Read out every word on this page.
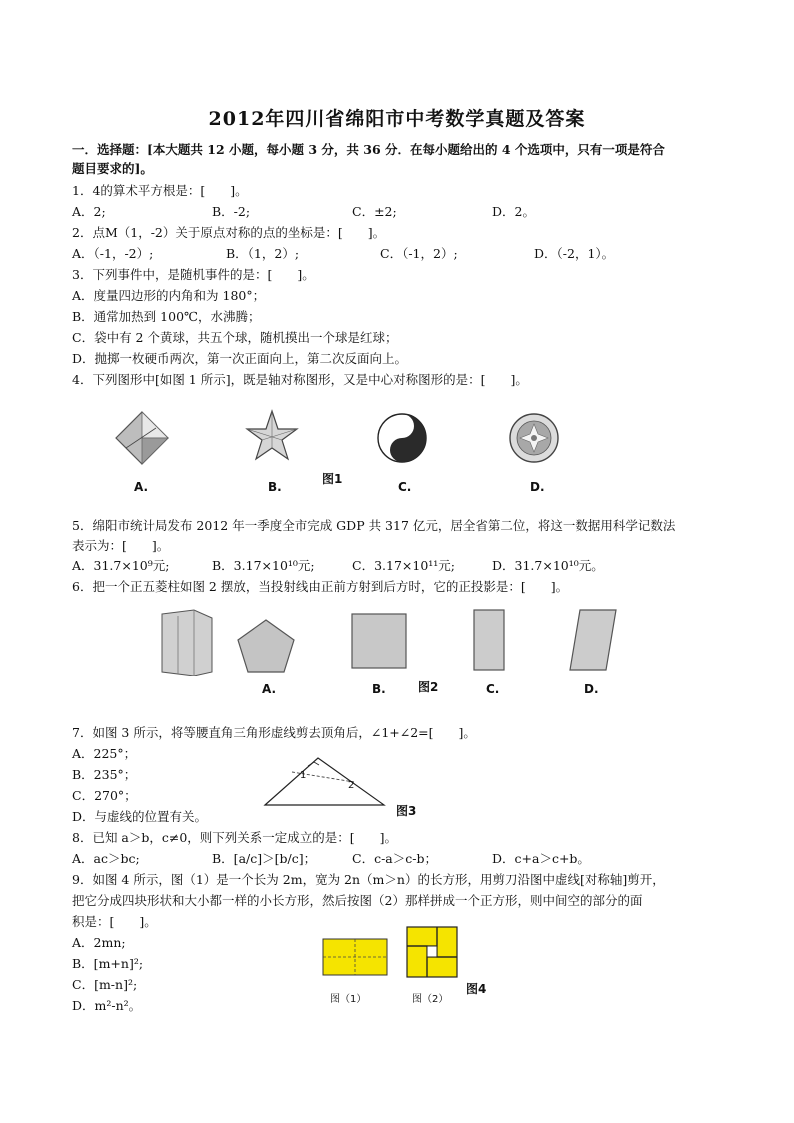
2012年四川省绵阳市中考数学真题及答案
一．选择题：[本大题共 12 小题，每小题 3 分，共 36 分．在每小题给出的 4 个选项中，只有一项是符合
题目要求的]。
1．4的算术平方根是：[　　]。
A．2;	B．-2;	C．±2;	D．2。
2．点M（1，-2）关于原点对称的点的坐标是：[　　]。
A．（-1，-2）;	B．（1，2）;	C．（-1，2）;	D．（-2，1）。
3．下列事件中，是随机事件的是：[　　]。
A．度量四边形的内角和为 180°；
B．通常加热到 100℃，水沸腾；
C．袋中有 2 个黄球，共五个球，随机摸出一个球是红球；
D．抛掷一枚硬币两次，第一次正面向上，第二次反面向上。
4．下列图形中[如图 1 所示]，既是轴对称图形，又是中心对称图形的是：[　　]。
图1
A.	B.	C.	D.
5．绵阳市统计局发布 2012 年一季度全市完成 GDP 共 317 亿元，居全省第二位，将这一数据用科学记数法
表示为：[　　]。
A．31.7×10⁹元;	B．3.17×10¹⁰元;	C．3.17×10¹¹元;	D．31.7×10¹⁰元。
6．把一个正五菱柱如图 2 摆放，当投射线由正前方射到后方时，它的正投影是：[　　]。
A.	B.	图2	C.	D.
7．如图 3 所示，将等腰直角三角形虚线剪去顶角后，∠1+∠2=[　　]。
A．225°；
B．235°；
C．270°；
D．与虚线的位置有关。
1
2
图3
8．已知 a＞b，c≠0，则下列关系一定成立的是：[　　]。
A．ac＞bc;	B．[a/c]＞[b/c]；	C．c-a＞c-b；	D．c+a＞c+b。
9．如图 4 所示，图（1）是一个长为 2m，宽为 2n（m＞n）的长方形，用剪刀沿图中虚线[对称轴]剪开，
把它分成四块形状和大小都一样的小长方形，然后按图（2）那样拼成一个正方形，则中间空的部分的面
积是：[　　]。
A．2mn;
B．[m+n]²;
C．[m-n]²;
D．m²-n²。	图（1）	图（2）
图4
